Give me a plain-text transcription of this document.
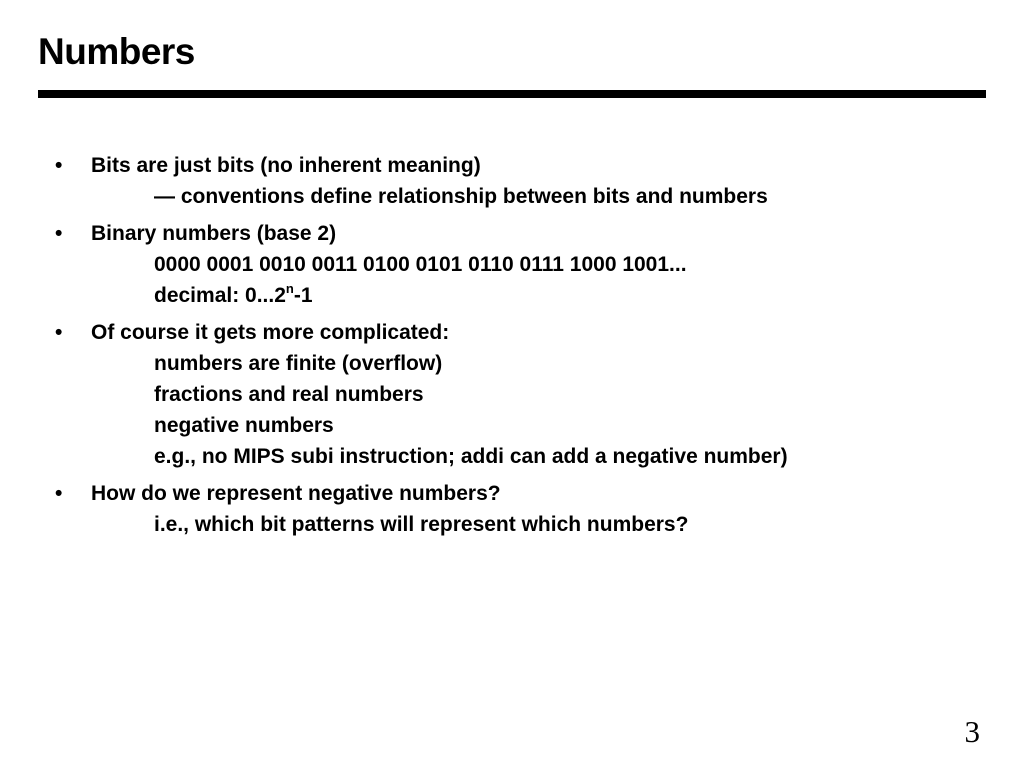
Numbers
• Bits are just bits (no inherent meaning)
— conventions define relationship between bits and numbers
• Binary numbers (base 2)
0000 0001 0010 0011 0100 0101 0110 0111 1000 1001...
decimal: 0...2$^n$-1
• Of course it gets more complicated:
numbers are finite (overflow)
fractions and real numbers
negative numbers
e.g., no MIPS subi instruction; addi can add a negative number)
• How do we represent negative numbers?
i.e., which bit patterns will represent which numbers?
3
